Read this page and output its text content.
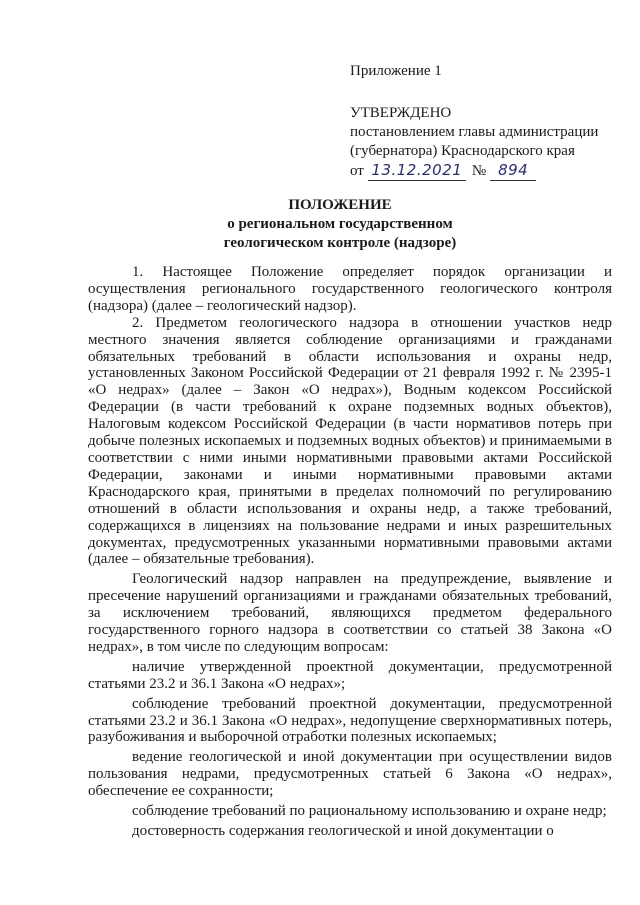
Приложение 1
УТВЕРЖДЕНО
постановлением главы администрации
(губернатора) Краснодарского края
от 13.12.2021 № 894
ПОЛОЖЕНИЕ
о региональном государственном
геологическом контроле (надзоре)

1. Настоящее Положение определяет порядок организации и осуществления регионального государственного геологического контроля (надзора) (далее – геологический надзор).

2. Предметом геологического надзора в отношении участков недр местного значения является соблюдение организациями и гражданами обязательных требований в области использования и охраны недр, установленных Законом Российской Федерации от 21 февраля 1992 г. № 2395-1 «О недрах» (далее – Закон «О недрах»), Водным кодексом Российской Федерации (в части требований к охране подземных водных объектов), Налоговым кодексом Российской Федерации (в части нормативов потерь при добыче полезных ископаемых и подземных водных объектов) и принимаемыми в соответствии с ними иными нормативными правовыми актами Российской Федерации, законами и иными нормативными правовыми актами Краснодарского края, принятыми в пределах полномочий по регулированию отношений в области использования и охраны недр, а также требований, содержащихся в лицензиях на пользование недрами и иных разрешительных документах, предусмотренных указанными нормативными правовыми актами (далее – обязательные требования).

Геологический надзор направлен на предупреждение, выявление и пресечение нарушений организациями и гражданами обязательных требований, за исключением требований, являющихся предметом федерального государственного горного надзора в соответствии со статьей 38 Закона «О недрах», в том числе по следующим вопросам:

наличие утвержденной проектной документации, предусмотренной статьями 23.2 и 36.1 Закона «О недрах»;

соблюдение требований проектной документации, предусмотренной статьями 23.2 и 36.1 Закона «О недрах», недопущение сверхнормативных потерь, разубоживания и выборочной отработки полезных ископаемых;

ведение геологической и иной документации при осуществлении видов пользования недрами, предусмотренных статьей 6 Закона «О недрах», обеспечение ее сохранности;

соблюдение требований по рациональному использованию и охране недр;

достоверность содержания геологической и иной документации о
